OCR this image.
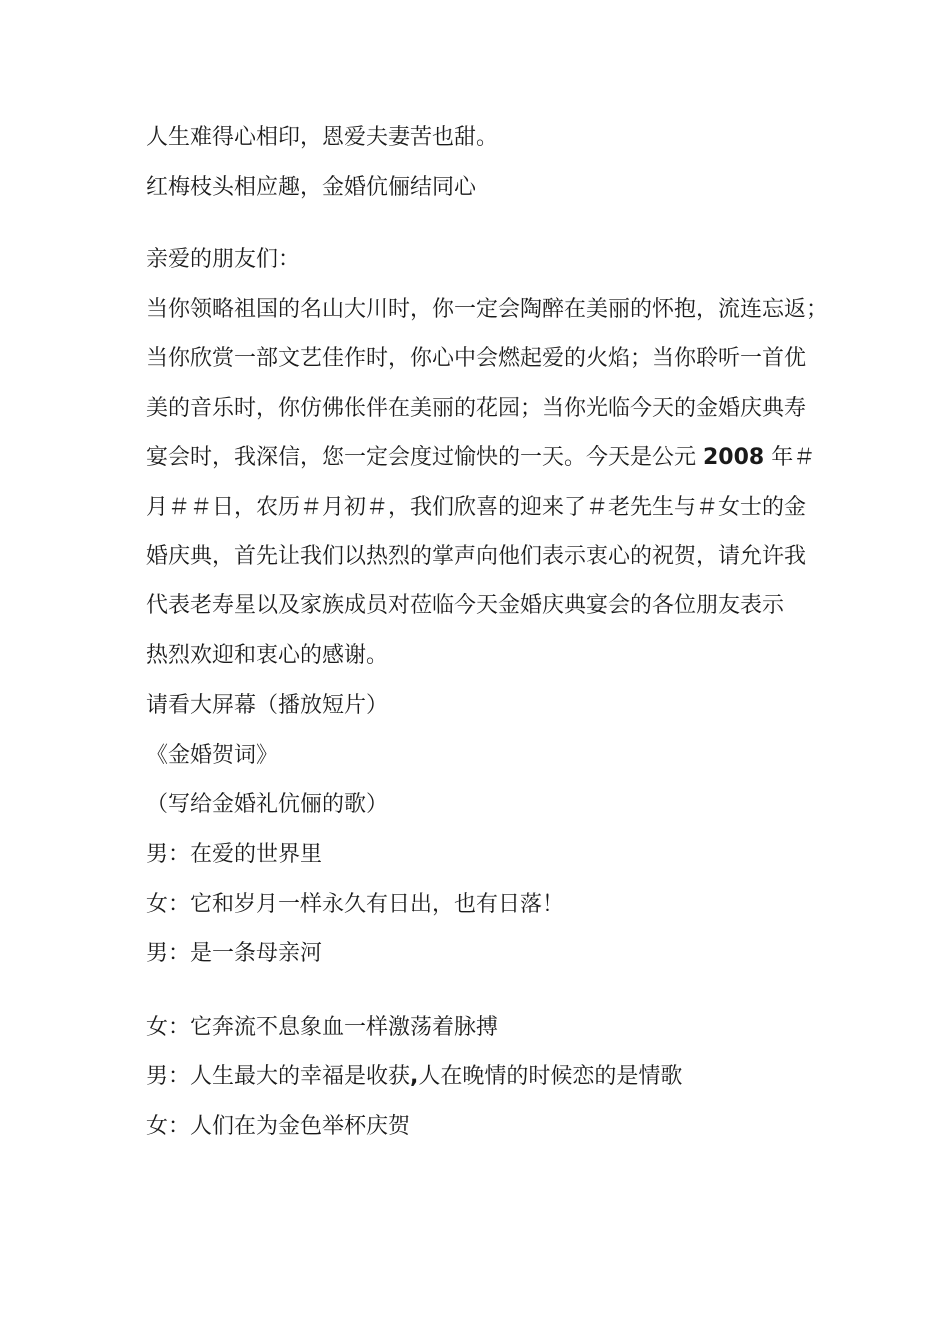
人生难得心相印，恩爱夫妻苦也甜。
红梅枝头相应趣，金婚伉俪结同心
亲爱的朋友们：
当你领略祖国的名山大川时，你一定会陶醉在美丽的怀抱，流连忘返；
当你欣赏一部文艺佳作时，你心中会燃起爱的火焰；当你聆听一首优
美的音乐时，你仿佛伥伴在美丽的花园；当你光临今天的金婚庆典寿
宴会时，我深信，您一定会度过愉快的一天。今天是公元 2008 年＃
月＃＃日，农历＃月初＃，我们欣喜的迎来了＃老先生与＃女士的金
婚庆典，首先让我们以热烈的掌声向他们表示衷心的祝贺，请允许我
代表老寿星以及家族成员对莅临今天金婚庆典宴会的各位朋友表示
热烈欢迎和衷心的感谢。
请看大屏幕（播放短片）
《金婚贺词》
（写给金婚礼伉俪的歌）
男：在爱的世界里
女：它和岁月一样永久有日出，也有日落！
男：是一条母亲河
女：它奔流不息象血一样激荡着脉搏
男：人生最大的幸福是收获,人在晚情的时候恋的是情歌
女：人们在为金色举杯庆贺
